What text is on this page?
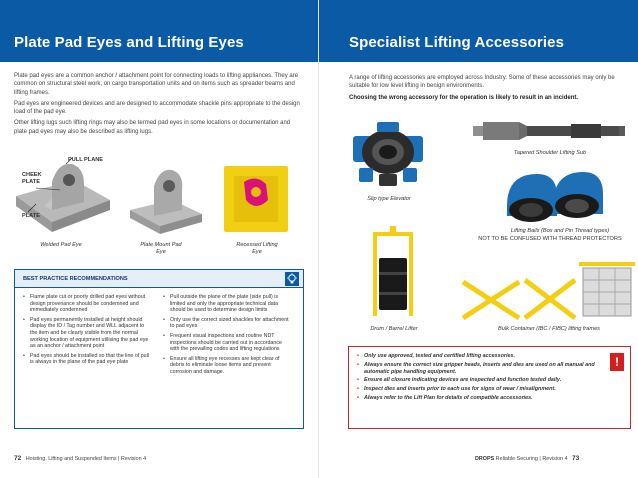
Plate Pad Eyes and Lifting Eyes

Plate pad eyes are a common anchor / attachment point for connecting loads to lifting appliances. They are common on structural steel work; on cargo transportation units and on items such as spreader beams and lifting frames.

Pad eyes are engineered devices and are designed to accommodate shackle pins appropriate to the design load of the pad eye.

Other lifting lugs such lifting rings may also be termed pad eyes in some locations or documentation and plate pad eyes may also be described as lifting lugs.

PULL PLANE
CHEEK PLATE
PLATE
Welded Pad Eye	Plate Mount Pad Eye
Recessed Lifting Eye
BEST PRACTICE RECOMMENDATIONS
• Flame plate cut or poorly drilled pad eyes without design provenance should be condemned and immediately condemned
• Pad eyes permanently installed at height should display the ID / Tag number and WLL adjacent to the item and be clearly visible from the normal working location of equipment utilising the pad eye as an anchor / attachment point
• Pad eyes should be installed so that the line of pull is always in the plane of the pad eye plate
• Pull outside the plane of the plate (side pull) is limited and only the appropriate technical data should be used to determine design limits
• Only use the correct sized shackles for attachment to pad eyes
• Frequent visual inspections and routine NDT inspections should be carried out in accordance with the prevailing codes and lifting regulations
• Ensure all lifting eye recesses are kept clear of debris to eliminate loose items and prevent corrosion and damage.
72 Hoisting, Lifting and Suspended Items | Revision 4
Specialist Lifting Accessories

A range of lifting accessories are employed across Industry. Some of these accessories may only be suitable for low level lifting in benign environments.

Choosing the wrong accessory for the operation is likely to result in an incident.

Slip type Elevator
Tapered Shoulder Lifting Sub
Lifting Bails (Box and Pin Thread types)
NOT TO BE CONFUSED WITH THREAD PROTECTORS
Drum / Barrel Lifter	Bulk Container (IBC / FIBC) lifting frames
• Only use approved, tested and certified lifting accessories.
• Always ensure the correct size gripper heads, inserts and dies are used on all manual and automatic pipe handling equipment.
• Ensure all closure indicating devices are inspected and function tested daily.
• Inspect dies and inserts prior to each use for signs of wear / misalignment.
• Always refer to the Lift Plan for details of compatible accessories.
!
DROPS Reliable Securing | Revision 4 73
